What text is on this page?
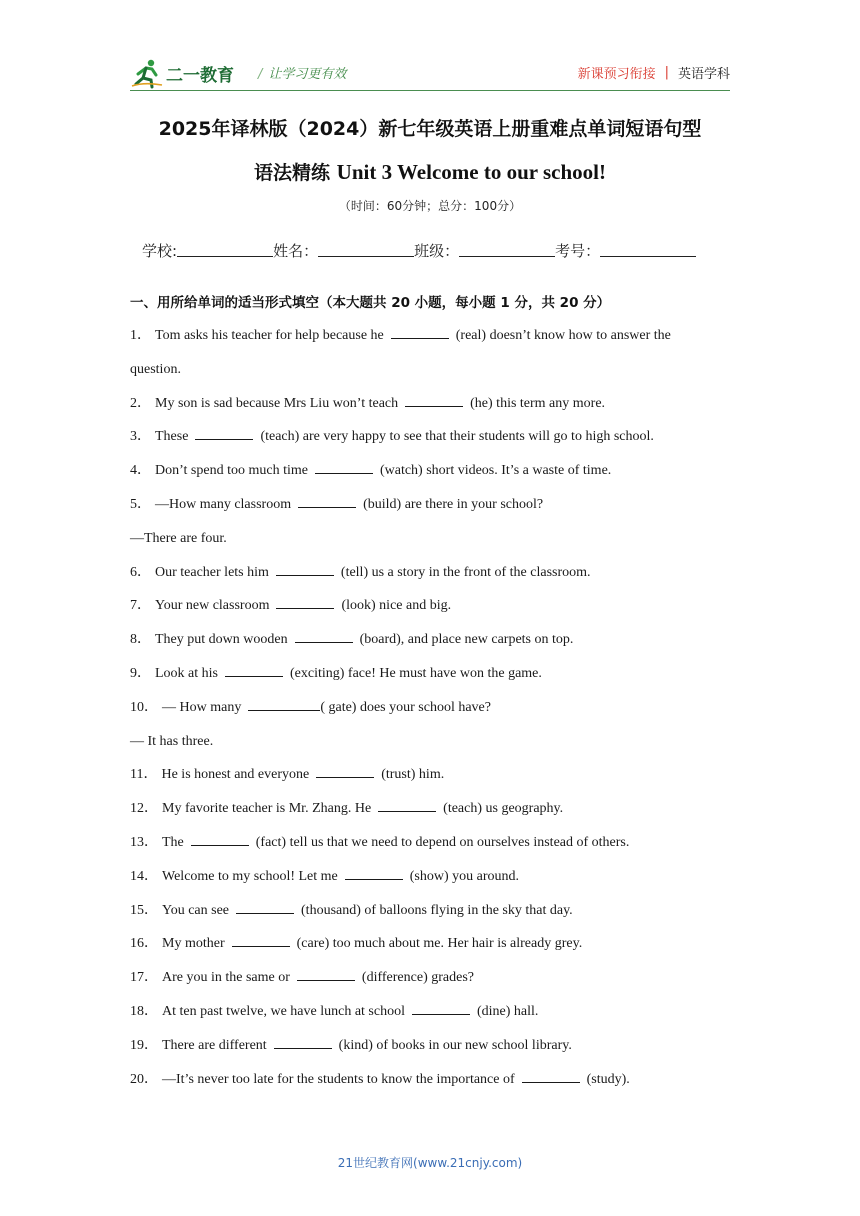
二一教育 / 让学习更有效	新课预习衔接 | 英语学科
2025年译林版（2024）新七年级英语上册重难点单词短语句型
语法精练 Unit 3 Welcome to our school!
（时间：60分钟；总分：100分）
学校:	姓名：	班级：	考号：
一、用所给单词的适当形式填空（本大题共 20 小题，每小题 1 分，共 20 分）
1． Tom asks his teacher for help because he	(real) doesn’t know how to answer the
question.
2． My son is sad because Mrs Liu won’t teach	(he) this term any more.
3． These	(teach) are very happy to see that their students will go to high school.
4． Don’t spend too much time	(watch) short videos. It’s a waste of time.
5． —How many classroom	(build) are there in your school?
—There are four.
6． Our teacher lets him	(tell) us a story in the front of the classroom.
7． Your new classroom	(look) nice and big.
8． They put down wooden	(board), and place new carpets on top.
9． Look at his	(exciting) face! He must have won the game.
10． — How many	( gate) does your school have?
— It has three.
11． He is honest and everyone	(trust) him.
12． My favorite teacher is Mr. Zhang. He	(teach) us geography.
13． The	(fact) tell us that we need to depend on ourselves instead of others.
14． Welcome to my school! Let me	(show) you around.
15． You can see	(thousand) of balloons flying in the sky that day.
16． My mother	(care) too much about me. Her hair is already grey.
17． Are you in the same or	(difference) grades?
18． At ten past twelve, we have lunch at school	(dine) hall.
19． There are different	(kind) of books in our new school library.
20． —It’s never too late for the students to know the importance of	(study).
21世纪教育网(www.21cnjy.com)
